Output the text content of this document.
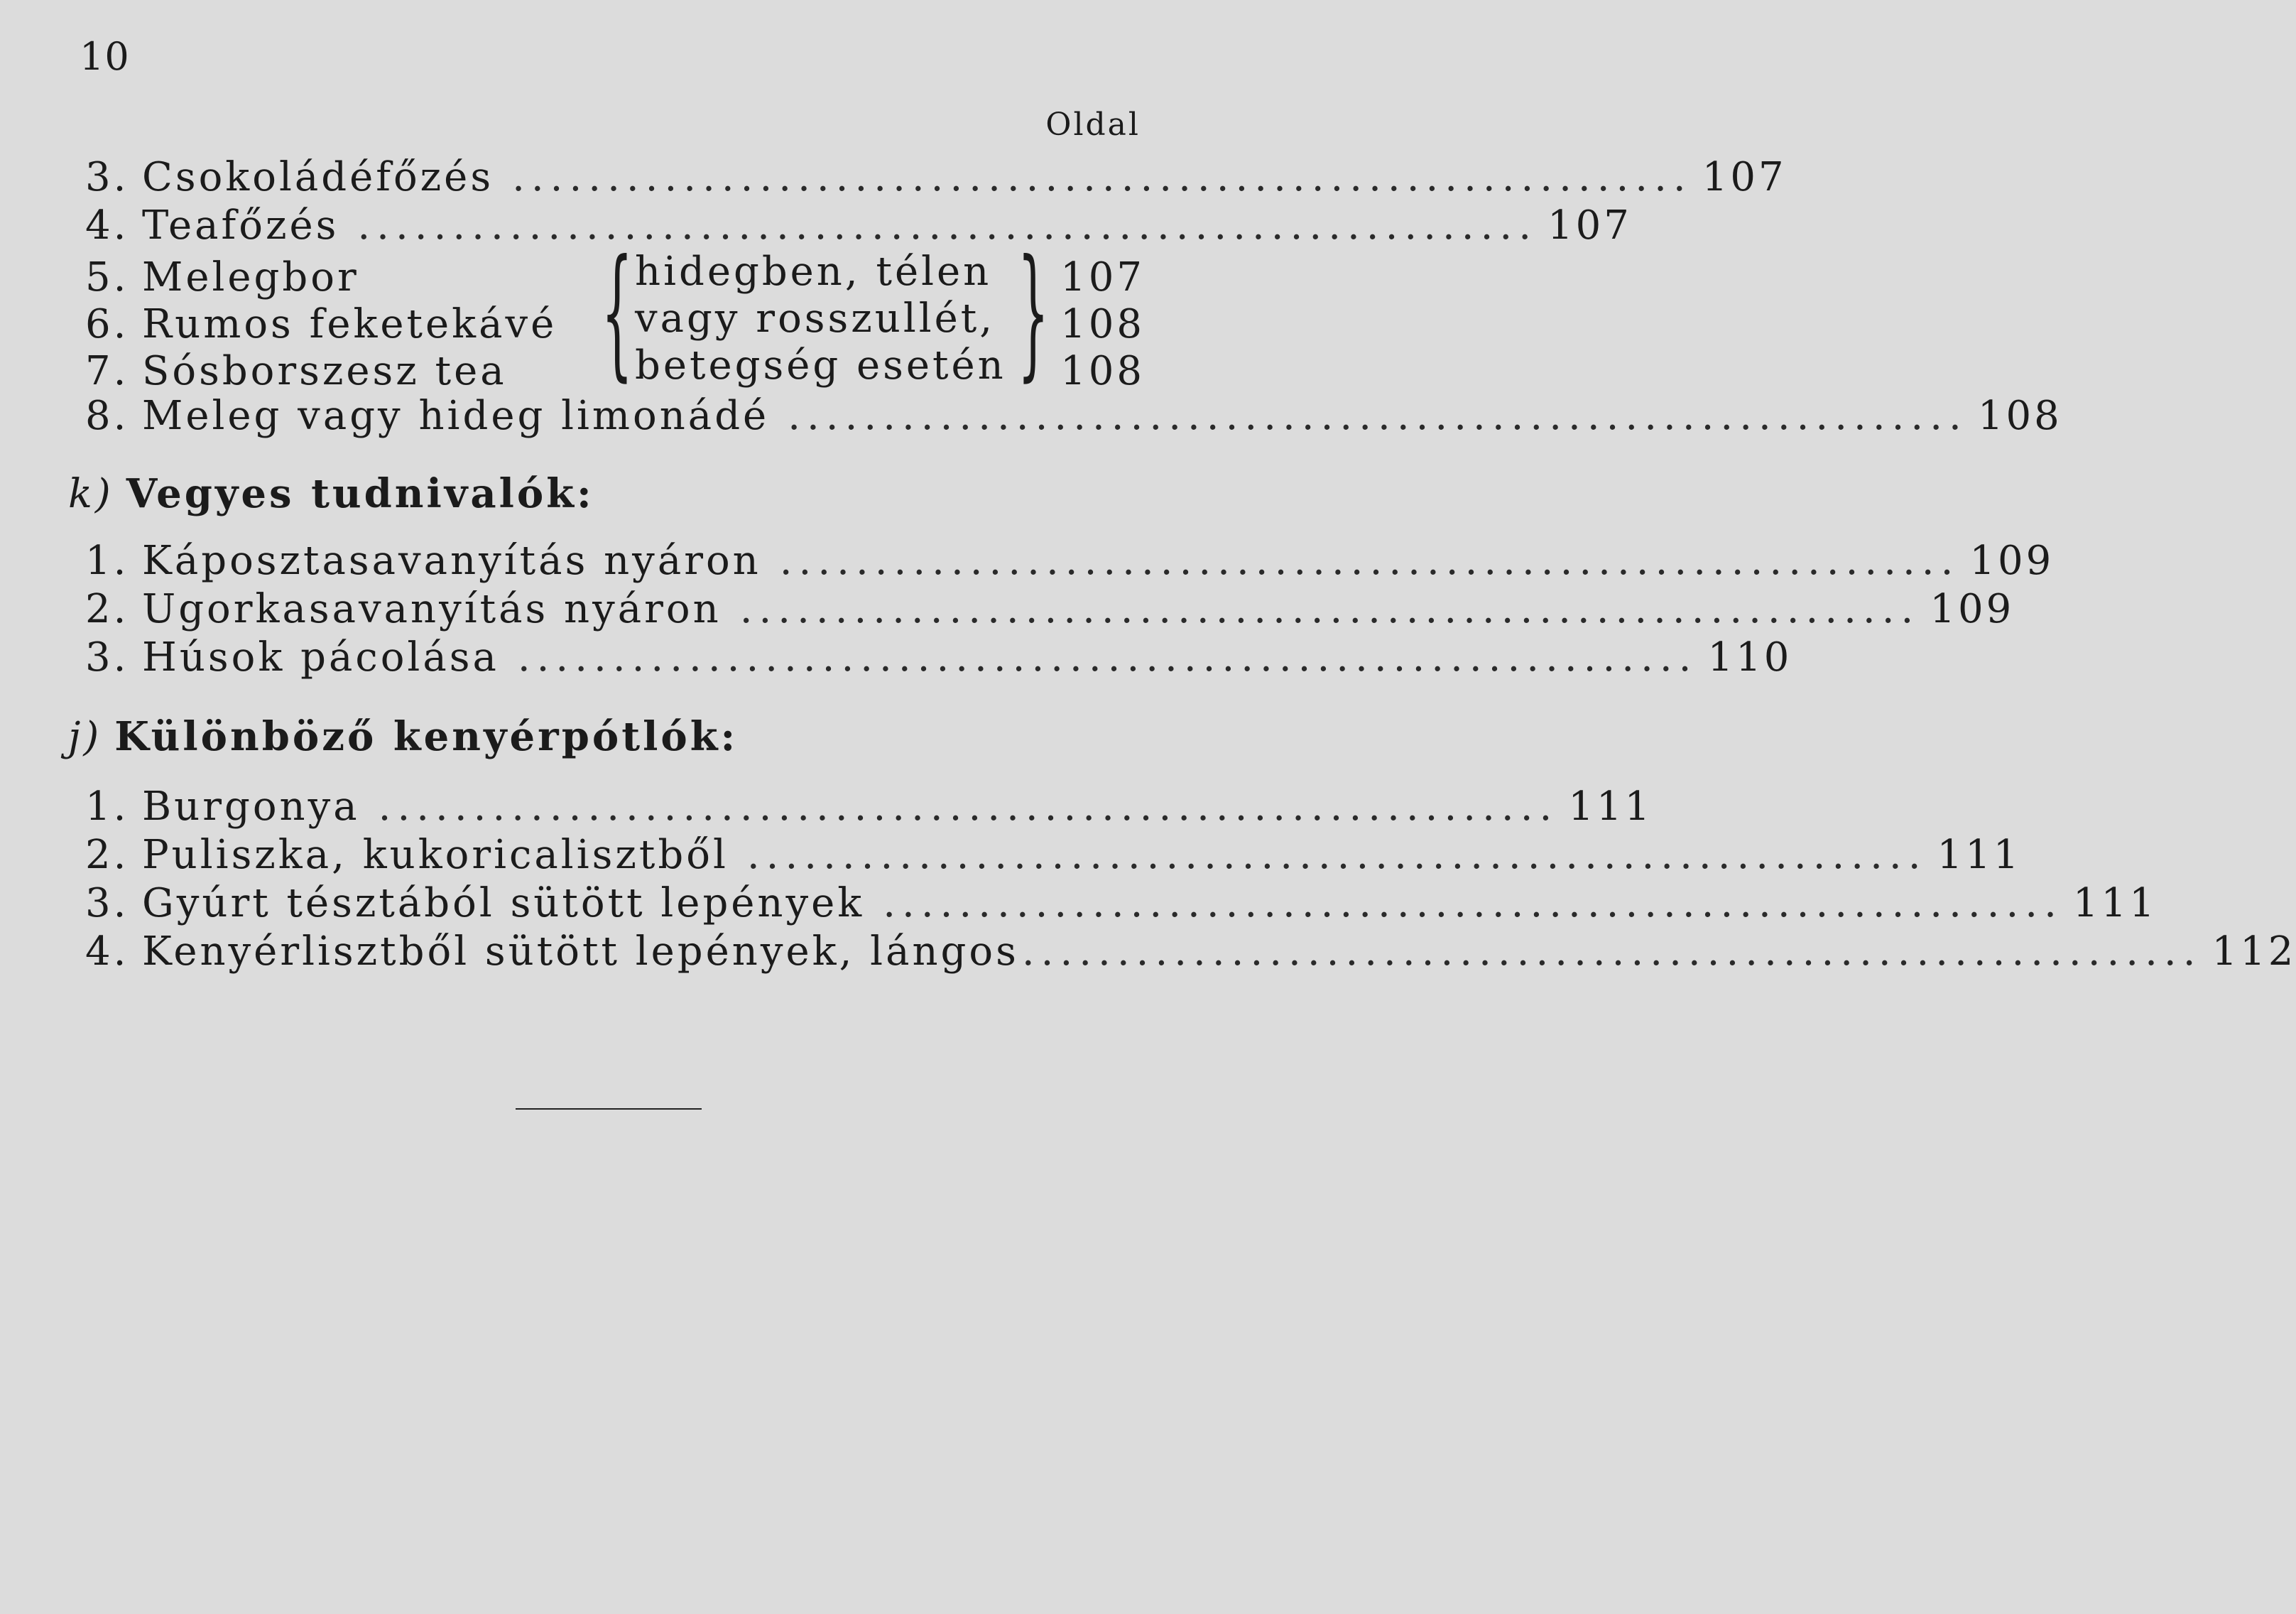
10
Oldal
3. Csokoládéfőzés .............................................................. 107
4. Teafőzés .............................................................. 107
5. Melegbor	107
6. Rumos feketekávé	108
7. Sósborszesz tea	108
{ hidegben, télen
vagy rosszullét,
betegség esetén }
8. Meleg vagy hideg limonádé .............................................................. 108
k) Vegyes tudnivalók:
1. Káposztasavanyítás nyáron .............................................................. 109
2. Ugorkasavanyítás nyáron .............................................................. 109
3. Húsok pácolása .............................................................. 110
j) Különböző kenyérpótlók:
1. Burgonya .............................................................. 111
2. Puliszka, kukoricalisztből .............................................................. 111
3. Gyúrt tésztából sütött lepények .............................................................. 111
4. Kenyérlisztből sütött lepények, lángos .............................................................. 112
